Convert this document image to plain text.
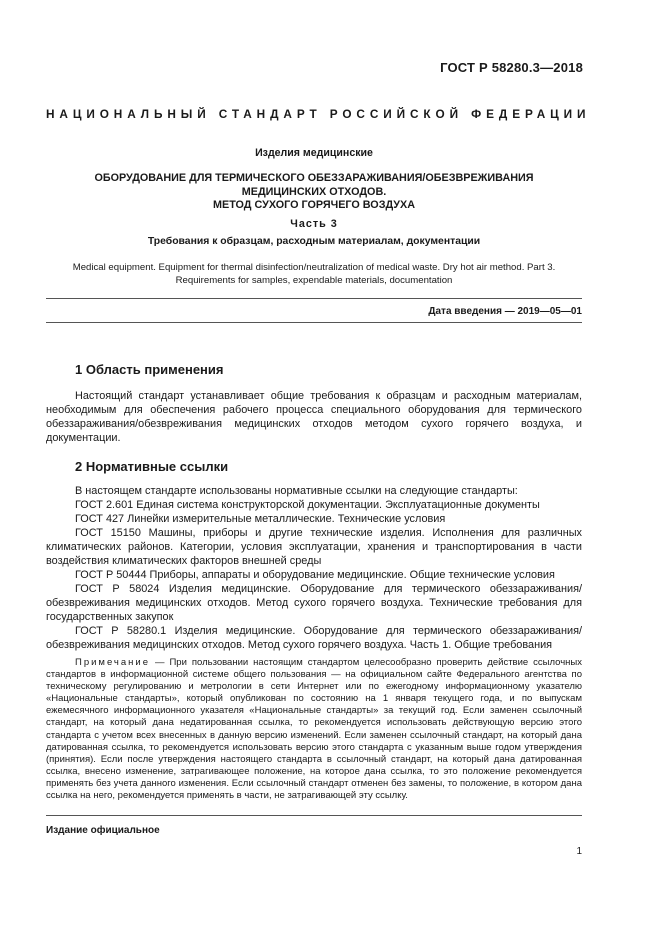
ГОСТ Р 58280.3—2018
НАЦИОНАЛЬНЫЙ СТАНДАРТ РОССИЙСКОЙ ФЕДЕРАЦИИ
Изделия медицинские
ОБОРУДОВАНИЕ ДЛЯ ТЕРМИЧЕСКОГО ОБЕЗЗАРАЖИВАНИЯ/ОБЕЗВРЕЖИВАНИЯ
МЕДИЦИНСКИХ ОТХОДОВ.
МЕТОД СУХОГО ГОРЯЧЕГО ВОЗДУХА
Часть 3
Требования к образцам, расходным материалам, документации
Medical equipment. Equipment for thermal disinfection/neutralization of medical waste. Dry hot air method. Part 3.
Requirements for samples, expendable materials, documentation
Дата введения — 2019—05—01
1 Область применения

Настоящий стандарт устанавливает общие требования к образцам и расходным материалам, необходимым для обеспечения рабочего процесса специального оборудования для термического обеззараживания/обезвреживания медицинских отходов методом сухого горячего воздуха, и документации.

2 Нормативные ссылки

В настоящем стандарте использованы нормативные ссылки на следующие стандарты:

ГОСТ 2.601 Единая система конструкторской документации. Эксплуатационные документы

ГОСТ 427 Линейки измерительные металлические. Технические условия

ГОСТ 15150 Машины, приборы и другие технические изделия. Исполнения для различных климатических районов. Категории, условия эксплуатации, хранения и транспортирования в части воздействия климатических факторов внешней среды

ГОСТ Р 50444 Приборы, аппараты и оборудование медицинские. Общие технические условия

ГОСТ Р 58024 Изделия медицинские. Оборудование для термического обеззараживания/обезвреживания медицинских отходов. Метод сухого горячего воздуха. Технические требования для государственных закупок

ГОСТ Р 58280.1 Изделия медицинские. Оборудование для термического обеззараживания/обезвреживания медицинских отходов. Метод сухого горячего воздуха. Часть 1. Общие требования

Примечание — При пользовании настоящим стандартом целесообразно проверить действие ссылочных стандартов в информационной системе общего пользования — на официальном сайте Федерального агентства по техническому регулированию и метрологии в сети Интернет или по ежегодному информационному указателю «Национальные стандарты», который опубликован по состоянию на 1 января текущего года, и по выпускам ежемесячного информационного указателя «Национальные стандарты» за текущий год. Если заменен ссылочный стандарт, на который дана недатированная ссылка, то рекомендуется использовать действующую версию этого стандарта с учетом всех внесенных в данную версию изменений. Если заменен ссылочный стандарт, на который дана датированная ссылка, то рекомендуется использовать версию этого стандарта с указанным выше годом утверждения (принятия). Если после утверждения настоящего стандарта в ссылочный стандарт, на который дана датированная ссылка, внесено изменение, затрагивающее положение, на которое дана ссылка, то это положение рекомендуется применять без учета данного изменения. Если ссылочный стандарт отменен без замены, то положение, в котором дана ссылка на него, рекомендуется применять в части, не затрагивающей эту ссылку.

Издание официальное
1
